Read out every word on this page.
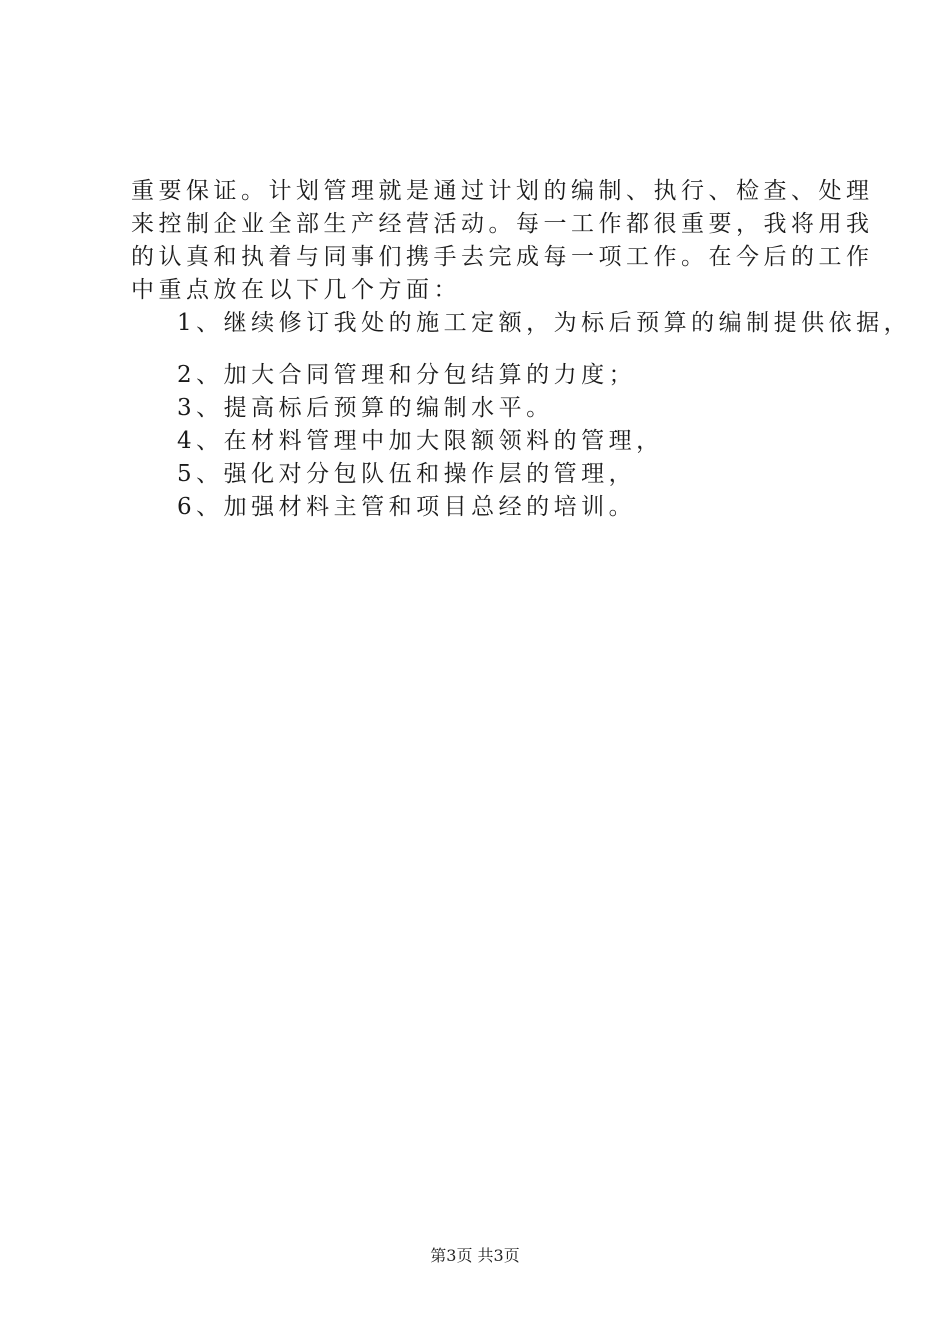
重要保证。计划管理就是通过计划的编制、执行、检查、处理
来控制企业全部生产经营活动。每一工作都很重要，我将用我
的认真和执着与同事们携手去完成每一项工作。在今后的工作
中重点放在以下几个方面：
1、继续修订我处的施工定额，为标后预算的编制提供依据，
2、加大合同管理和分包结算的力度；
3、提高标后预算的编制水平。
4、在材料管理中加大限额领料的管理，
5、强化对分包队伍和操作层的管理，
6、加强材料主管和项目总经的培训。
第3页 共3页
